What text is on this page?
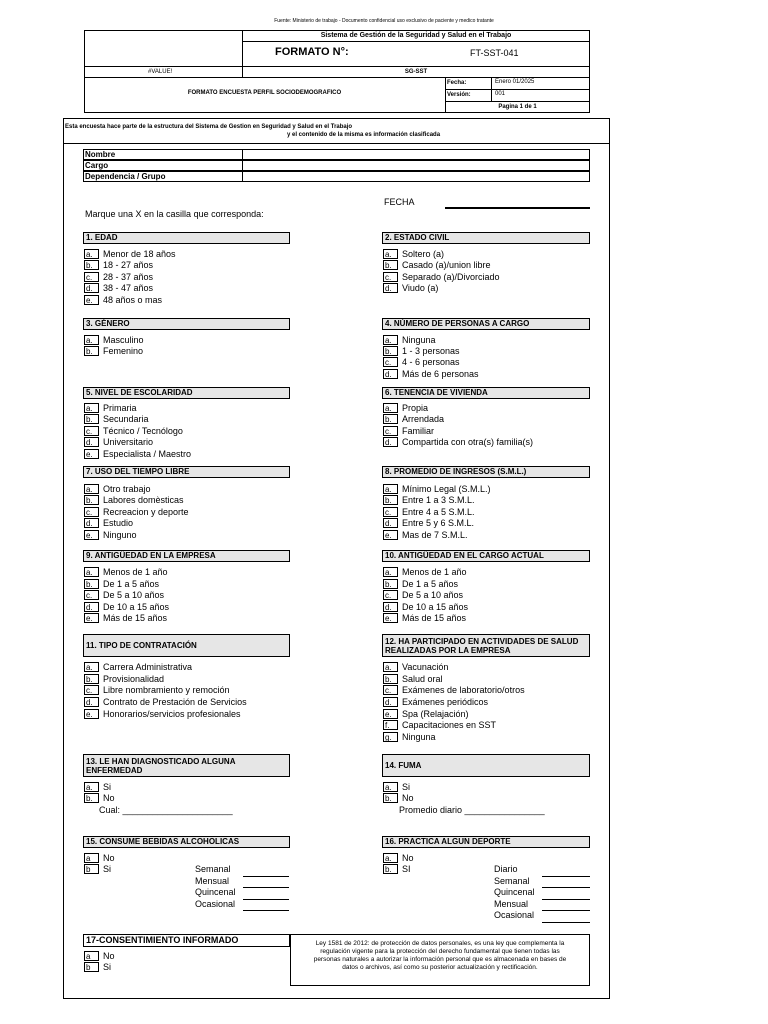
Fuente: Ministerio de trabajo - Documento confidencial uso exclusivo de paciente y medico tratante
Sistema de Gestión de la Seguridad y Salud en el Trabajo
FORMATO N°:	FT-SST-041
#VALUE!	SG-SST
FORMATO ENCUESTA PERFIL SOCIODEMOGRAFICO
Fecha:	Enero 01/2025
Versión:	001
Pagina 1 de 1
Esta encuesta hace parte de la estructura del Sistema de Gestion en Seguridad y Salud en el Trabajo
y el contenido de la misma es información clasificada
Nombre
Cargo
Dependencia / Grupo
FECHA
Marque una X en la casilla que corresponda:
1. EDAD
a. Menor de 18 años
b. 18 - 27 años
c. 28 - 37 años
d. 38 - 47 años
e. 48 años o mas
2. ESTADO CIVIL
a. Soltero (a)
b. Casado (a)/union libre
c. Separado (a)/Divorciado
d. Viudo (a)
3. GÉNERO
a. Masculino
b. Femenino
4. NÚMERO DE PERSONAS A CARGO
a. Ninguna
b. 1 - 3 personas
c. 4 - 6 personas
d. Más de 6 personas
5. NIVEL DE ESCOLARIDAD
a. Primaria
b. Secundaria
c. Técnico / Tecnólogo
d. Universitario
e. Especialista / Maestro
6. TENENCIA DE VIVIENDA
a. Propia
b. Arrendada
c. Familiar
d. Compartida con otra(s) familia(s)
7. USO DEL TIEMPO LIBRE
a. Otro trabajo
b. Labores domèsticas
c. Recreacion y deporte
d. Estudio
e. Ninguno
8. PROMEDIO DE INGRESOS (S.M.L.)
a. Mínimo Legal (S.M.L.)
b. Entre 1 a 3 S.M.L.
c. Entre 4 a 5 S.M.L.
d. Entre 5 y 6 S.M.L.
e. Mas de 7 S.M.L.
9. ANTIGÜEDAD EN LA EMPRESA
a. Menos de 1 año
b. De 1 a 5 años
c. De 5 a 10 años
d. De 10 a 15 años
e. Más de 15 años
10. ANTIGÜEDAD EN EL CARGO ACTUAL
a. Menos de 1 año
b. De 1 a 5 años
c. De 5 a 10 años
d. De 10 a 15 años
e. Más de 15 años
11. TIPO DE CONTRATACIÓN
a. Carrera Administrativa
b. Provisionalidad
c. Libre nombramiento y remoción
d. Contrato de Prestación de Servicios
e. Honorarios/servicios profesionales
12. HA PARTICIPADO EN ACTIVIDADES DE SALUD
REALIZADAS POR LA EMPRESA
a. Vacunación
b. Salud oral
c. Exámenes de laboratorio/otros
d. Exámenes periódicos
e. Spa (Relajación)
f. Capacitaciones en SST
g. Ninguna
13. LE HAN DIAGNOSTICADO ALGUNA
ENFERMEDAD
a. Si
b. No
Cual: ______________________
14. FUMA
a. Si
b. No
Promedio diario ________________
15. CONSUME BEBIDAS ALCOHOLICAS
a No
b Si	Semanal
Mensual
Quincenal
Ocasional
16. PRACTICA ALGUN DEPORTE
a. No
b. SI	Diario
Semanal
Quincenal
Mensual
Ocasional
17-CONSENTIMIENTO INFORMADO
a No
b Si
Ley 1581 de 2012: de protección de datos personales, es una ley que complementa la
regulación vigente para la protección del derecho fundamental que tienen todas las
personas naturales a autorizar la información personal que es almacenada en bases de
datos o archivos, así como su posterior actualización y rectificación.
